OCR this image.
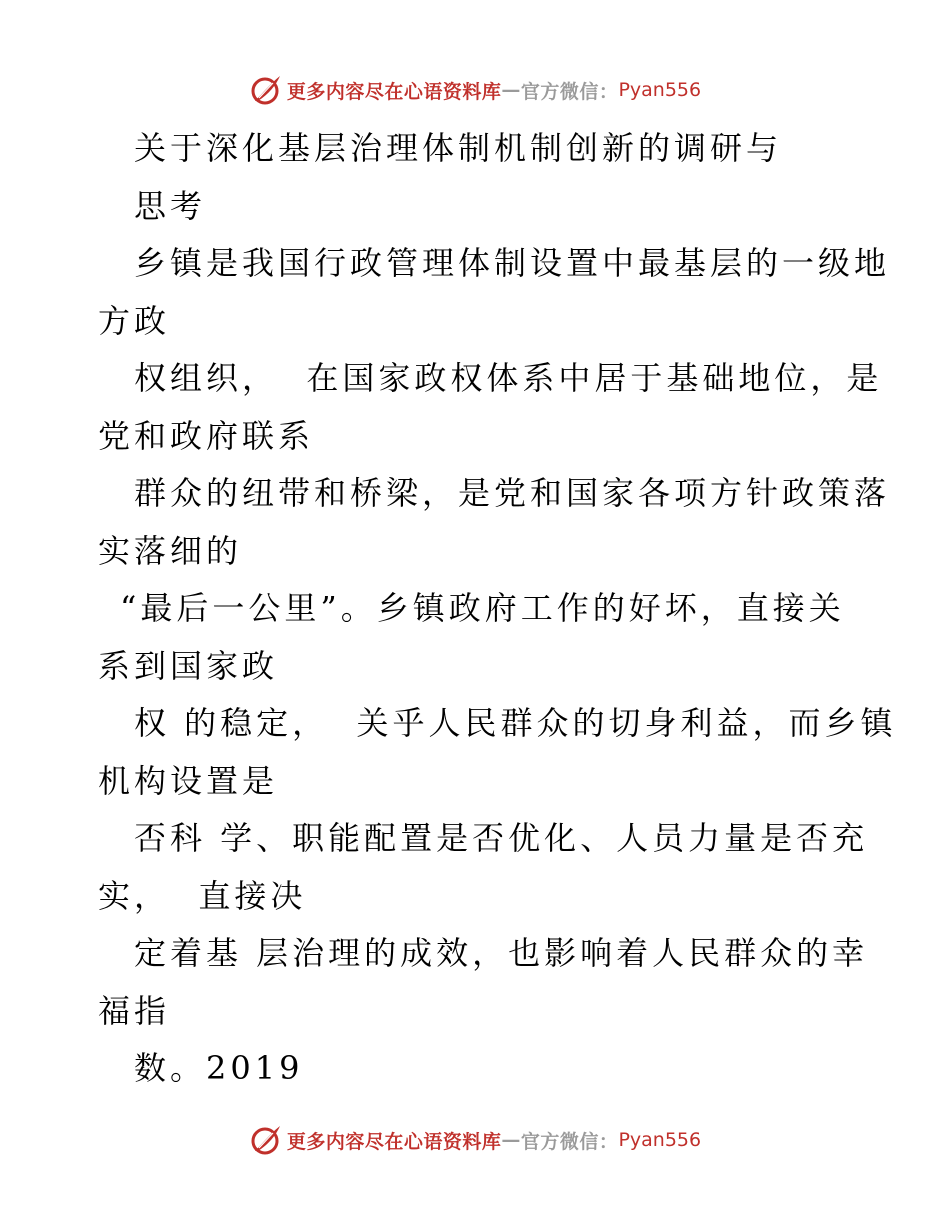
更多内容尽在心语资料库 — 官方微信： Pyan556
关于深化基层治理体制机制创新的调研与
思考
乡镇是我国行政管理体制设置中最基层的一级地
方政
权组织，  在国家政权体系中居于基础地位，是
党和政府联系
群众的纽带和桥梁，是党和国家各项方针政策落
实落细的
“最后一公里”。乡镇政府工作的好坏，直接关
系到国家政
权 的稳定，  关乎人民群众的切身利益，而乡镇
机构设置是
否科 学、职能配置是否优化、人员力量是否充
实，  直接决
定着基 层治理的成效，也影响着人民群众的幸
福指
数。2019
更多内容尽在心语资料库 — 官方微信： Pyan556
